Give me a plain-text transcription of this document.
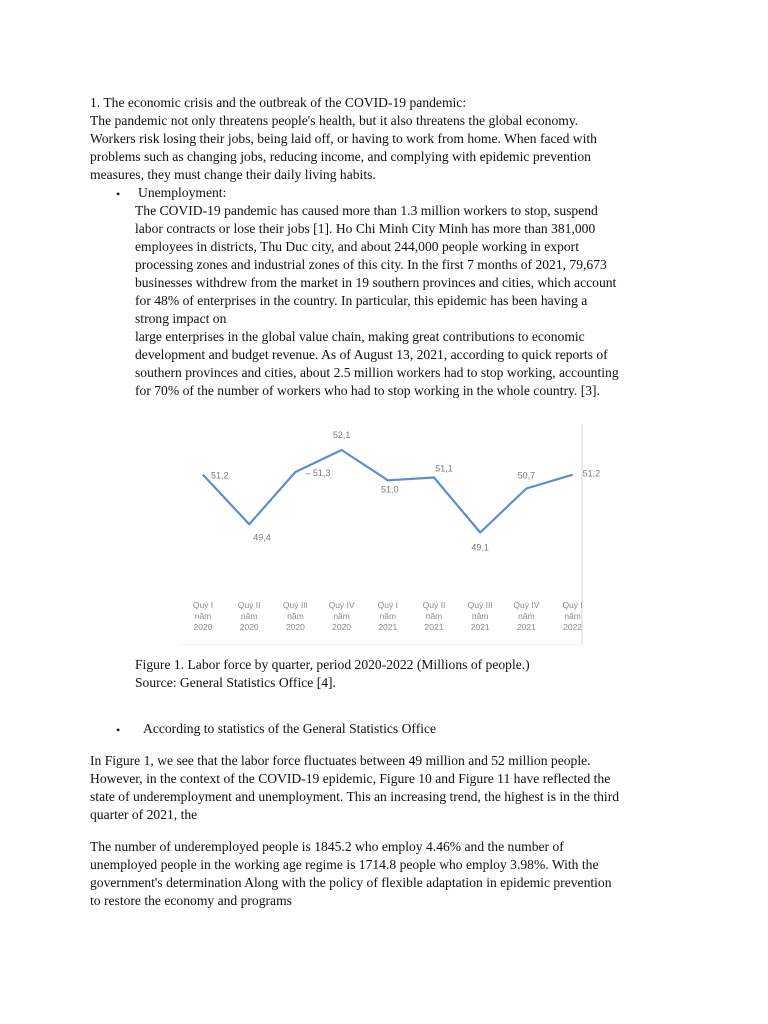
1. The economic crisis and the outbreak of the COVID-19 pandemic:

The pandemic not only threatens people's health, but it also threatens the global economy.

Workers risk losing their jobs, being laid off, or having to work from home. When faced with

problems such as changing jobs, reducing income, and complying with epidemic prevention

measures, they must change their daily living habits.

• Unemployment:

The COVID-19 pandemic has caused more than 1.3 million workers to stop, suspend

labor contracts or lose their jobs [1]. Ho Chi Minh City Minh has more than 381,000

employees in districts, Thu Duc city, and about 244,000 people working in export

processing zones and industrial zones of this city. In the first 7 months of 2021, 79,673

businesses withdrew from the market in 19 southern provinces and cities, which account

for 48% of enterprises in the country. In particular, this epidemic has been having a

strong impact on

large enterprises in the global value chain, making great contributions to economic

development and budget revenue. As of August 13, 2021, according to quick reports of

southern provinces and cities, about 2.5 million workers had to stop working, accounting

for 70% of the number of workers who had to stop working in the whole country. [3].

51,2
49,4
– 51,3
52,1
51,0
51,1
49,1
50,7	51,2
Quý I năm 2020
Quý II năm 2020
Quý III năm 2020
Quý IV năm 2020
Quý I năm 2021
Quý II năm 2021
Quý III năm 2021
Quý IV năm 2021
Quý I năm 2022

Figure 1. Labor force by quarter, period 2020-2022 (Millions of people.)

Source: General Statistics Office [4].

• According to statistics of the General Statistics Office

In Figure 1, we see that the labor force fluctuates between 49 million and 52 million people.

However, in the context of the COVID-19 epidemic, Figure 10 and Figure 11 have reflected the

state of underemployment and unemployment. This an increasing trend, the highest is in the third

quarter of 2021, the

The number of underemployed people is 1845.2 who employ 4.46% and the number of

unemployed people in the working age regime is 1714.8 people who employ 3.98%. With the

government's determination Along with the policy of flexible adaptation in epidemic prevention

to restore the economy and programs
